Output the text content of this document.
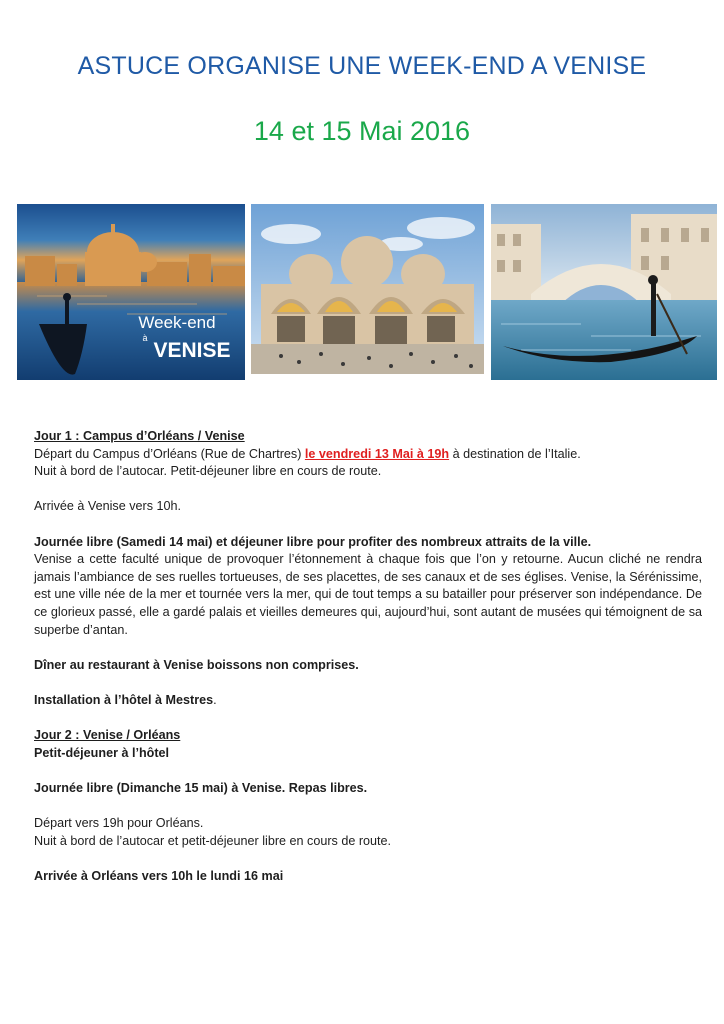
ASTUCE ORGANISE UNE WEEK-END A VENISE
14 et 15 Mai 2016
Week-end
à
VENISE

Jour 1 : Campus d’Orléans / Venise

Départ du Campus d’Orléans (Rue de Chartres) le vendredi 13 Mai à 19h à destination de l’Italie.

Nuit à bord de l’autocar. Petit-déjeuner libre en cours de route.

Arrivée à Venise vers 10h.

Journée libre (Samedi 14 mai) et déjeuner libre pour profiter des nombreux attraits de la ville.

Venise a cette faculté unique de provoquer l’étonnement à chaque fois que l’on y retourne. Aucun cliché ne rendra jamais l’ambiance de ses ruelles tortueuses, de ses placettes, de ses canaux et de ses églises. Venise, la Sérénissime, est une ville née de la mer et tournée vers la mer, qui de tout temps a su batailler pour préserver son indépendance. De ce glorieux passé, elle a gardé palais et vieilles demeures qui, aujourd’hui, sont autant de musées qui témoignent de sa superbe d’antan.

Dîner au restaurant à Venise boissons non comprises.

Installation à l’hôtel à Mestres.

Jour 2 : Venise / Orléans

Petit-déjeuner à l’hôtel

Journée libre (Dimanche 15 mai) à Venise. Repas libres.

Départ vers 19h pour Orléans.

Nuit à bord de l’autocar et petit-déjeuner libre en cours de route.

Arrivée à Orléans vers 10h le lundi 16 mai
